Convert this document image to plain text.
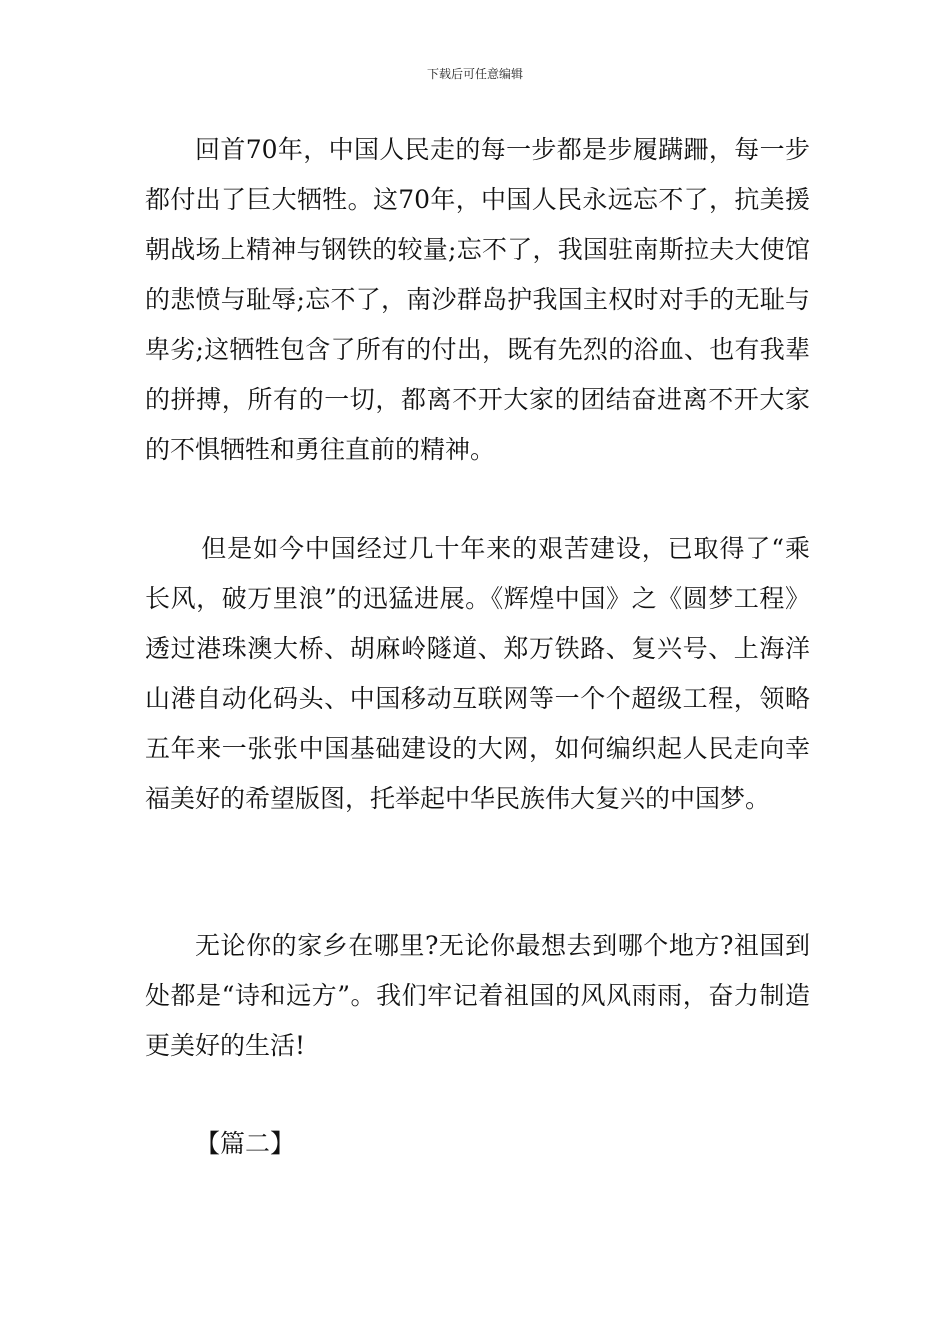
下载后可任意编辑

回首70年，中国人民走的每一步都是步履蹒跚，每一步都付出了巨大牺牲。这70年，中国人民永远忘不了，抗美援朝战场上精神与钢铁的较量;忘不了，我国驻南斯拉夫大使馆的悲愤与耻辱;忘不了，南沙群岛护我国主权时对手的无耻与卑劣;这牺牲包含了所有的付出，既有先烈的浴血、也有我辈的拼搏，所有的一切，都离不开大家的团结奋进离不开大家的不惧牺牲和勇往直前的精神。

但是如今中国经过几十年来的艰苦建设，已取得了“乘长风，破万里浪”的迅猛进展。《辉煌中国》之《圆梦工程》透过港珠澳大桥、胡麻岭隧道、郑万铁路、复兴号、上海洋山港自动化码头、中国移动互联网等一个个超级工程，领略五年来一张张中国基础建设的大网，如何编织起人民走向幸福美好的希望版图，托举起中华民族伟大复兴的中国梦。

无论你的家乡在哪里?无论你最想去到哪个地方?祖国到处都是“诗和远方”。我们牢记着祖国的风风雨雨，奋力制造更美好的生活!

【篇二】
